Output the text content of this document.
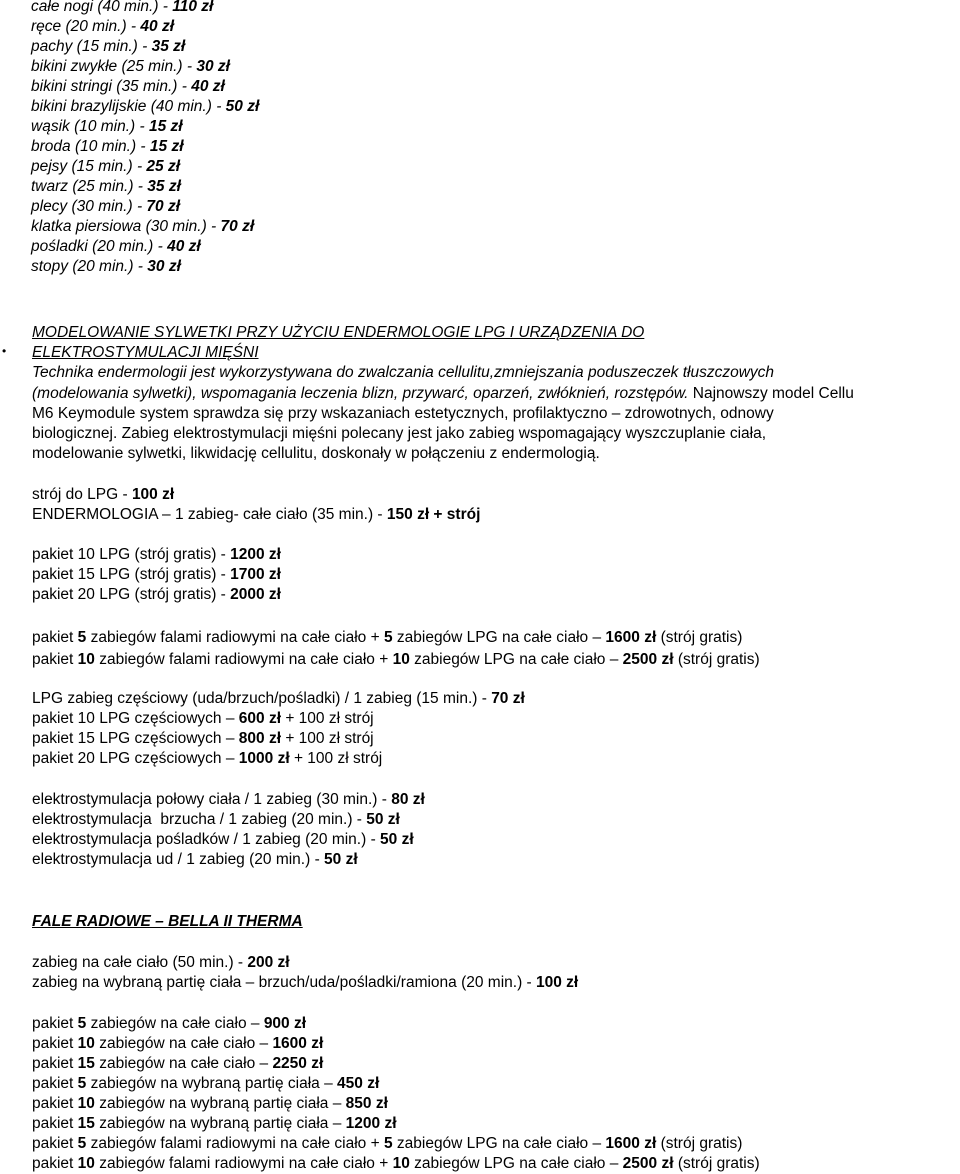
całe nogi (40 min.) - 110 zł
ręce (20 min.) - 40 zł
pachy (15 min.) - 35 zł
bikini zwykłe (25 min.) - 30 zł
bikini stringi (35 min.) - 40 zł
bikini brazylijskie (40 min.) - 50 zł
wąsik (10 min.) - 15 zł
broda (10 min.) - 15 zł
pejsy (15 min.) - 25 zł
twarz (25 min.) - 35 zł
plecy (30 min.) - 70 zł
klatka piersiowa (30 min.) - 70 zł
pośladki (20 min.) - 40 zł
stopy (20 min.) - 30 zł
•
MODELOWANIE SYLWETKI PRZY UŻYCIU ENDERMOLOGIE LPG I URZĄDZENIA DO
ELEKTROSTYMULACJI MIĘŚNI
Technika endermologii jest wykorzystywana do zwalczania cellulitu,zmniejszania poduszeczek tłuszczowych
(modelowania sylwetki), wspomagania leczenia blizn, przywarć, oparzeń, zwłóknień, rozstępów. Najnowszy model Cellu
M6 Keymodule system sprawdza się przy wskazaniach estetycznych, profilaktyczno – zdrowotnych, odnowy
biologicznej. Zabieg elektrostymulacji mięśni polecany jest jako zabieg wspomagający wyszczuplanie ciała,
modelowanie sylwetki, likwidację cellulitu, doskonały w połączeniu z endermologią.
strój do LPG - 100 zł
ENDERMOLOGIA – 1 zabieg- całe ciało (35 min.) - 150 zł + strój
pakiet 10 LPG (strój gratis) - 1200 zł
pakiet 15 LPG (strój gratis) - 1700 zł
pakiet 20 LPG (strój gratis) - 2000 zł
pakiet 5 zabiegów falami radiowymi na całe ciało + 5 zabiegów LPG na całe ciało – 1600 zł (strój gratis)
pakiet 10 zabiegów falami radiowymi na całe ciało + 10 zabiegów LPG na całe ciało – 2500 zł (strój gratis)
LPG zabieg częściowy (uda/brzuch/pośladki) / 1 zabieg (15 min.) - 70 zł
pakiet 10 LPG częściowych – 600 zł + 100 zł strój
pakiet 15 LPG częściowych – 800 zł + 100 zł strój
pakiet 20 LPG częściowych – 1000 zł + 100 zł strój
elektrostymulacja połowy ciała / 1 zabieg (30 min.) - 80 zł
elektrostymulacja  brzucha / 1 zabieg (20 min.) - 50 zł
elektrostymulacja pośladków / 1 zabieg (20 min.) - 50 zł
elektrostymulacja ud / 1 zabieg (20 min.) - 50 zł
FALE RADIOWE – BELLA II THERMA
zabieg na całe ciało (50 min.) - 200 zł
zabieg na wybraną partię ciała – brzuch/uda/pośladki/ramiona (20 min.) - 100 zł
pakiet 5 zabiegów na całe ciało – 900 zł
pakiet 10 zabiegów na całe ciało – 1600 zł
pakiet 15 zabiegów na całe ciało – 2250 zł
pakiet 5 zabiegów na wybraną partię ciała – 450 zł
pakiet 10 zabiegów na wybraną partię ciała – 850 zł
pakiet 15 zabiegów na wybraną partię ciała – 1200 zł
pakiet 5 zabiegów falami radiowymi na całe ciało + 5 zabiegów LPG na całe ciało – 1600 zł (strój gratis)
pakiet 10 zabiegów falami radiowymi na całe ciało + 10 zabiegów LPG na całe ciało – 2500 zł (strój gratis)
